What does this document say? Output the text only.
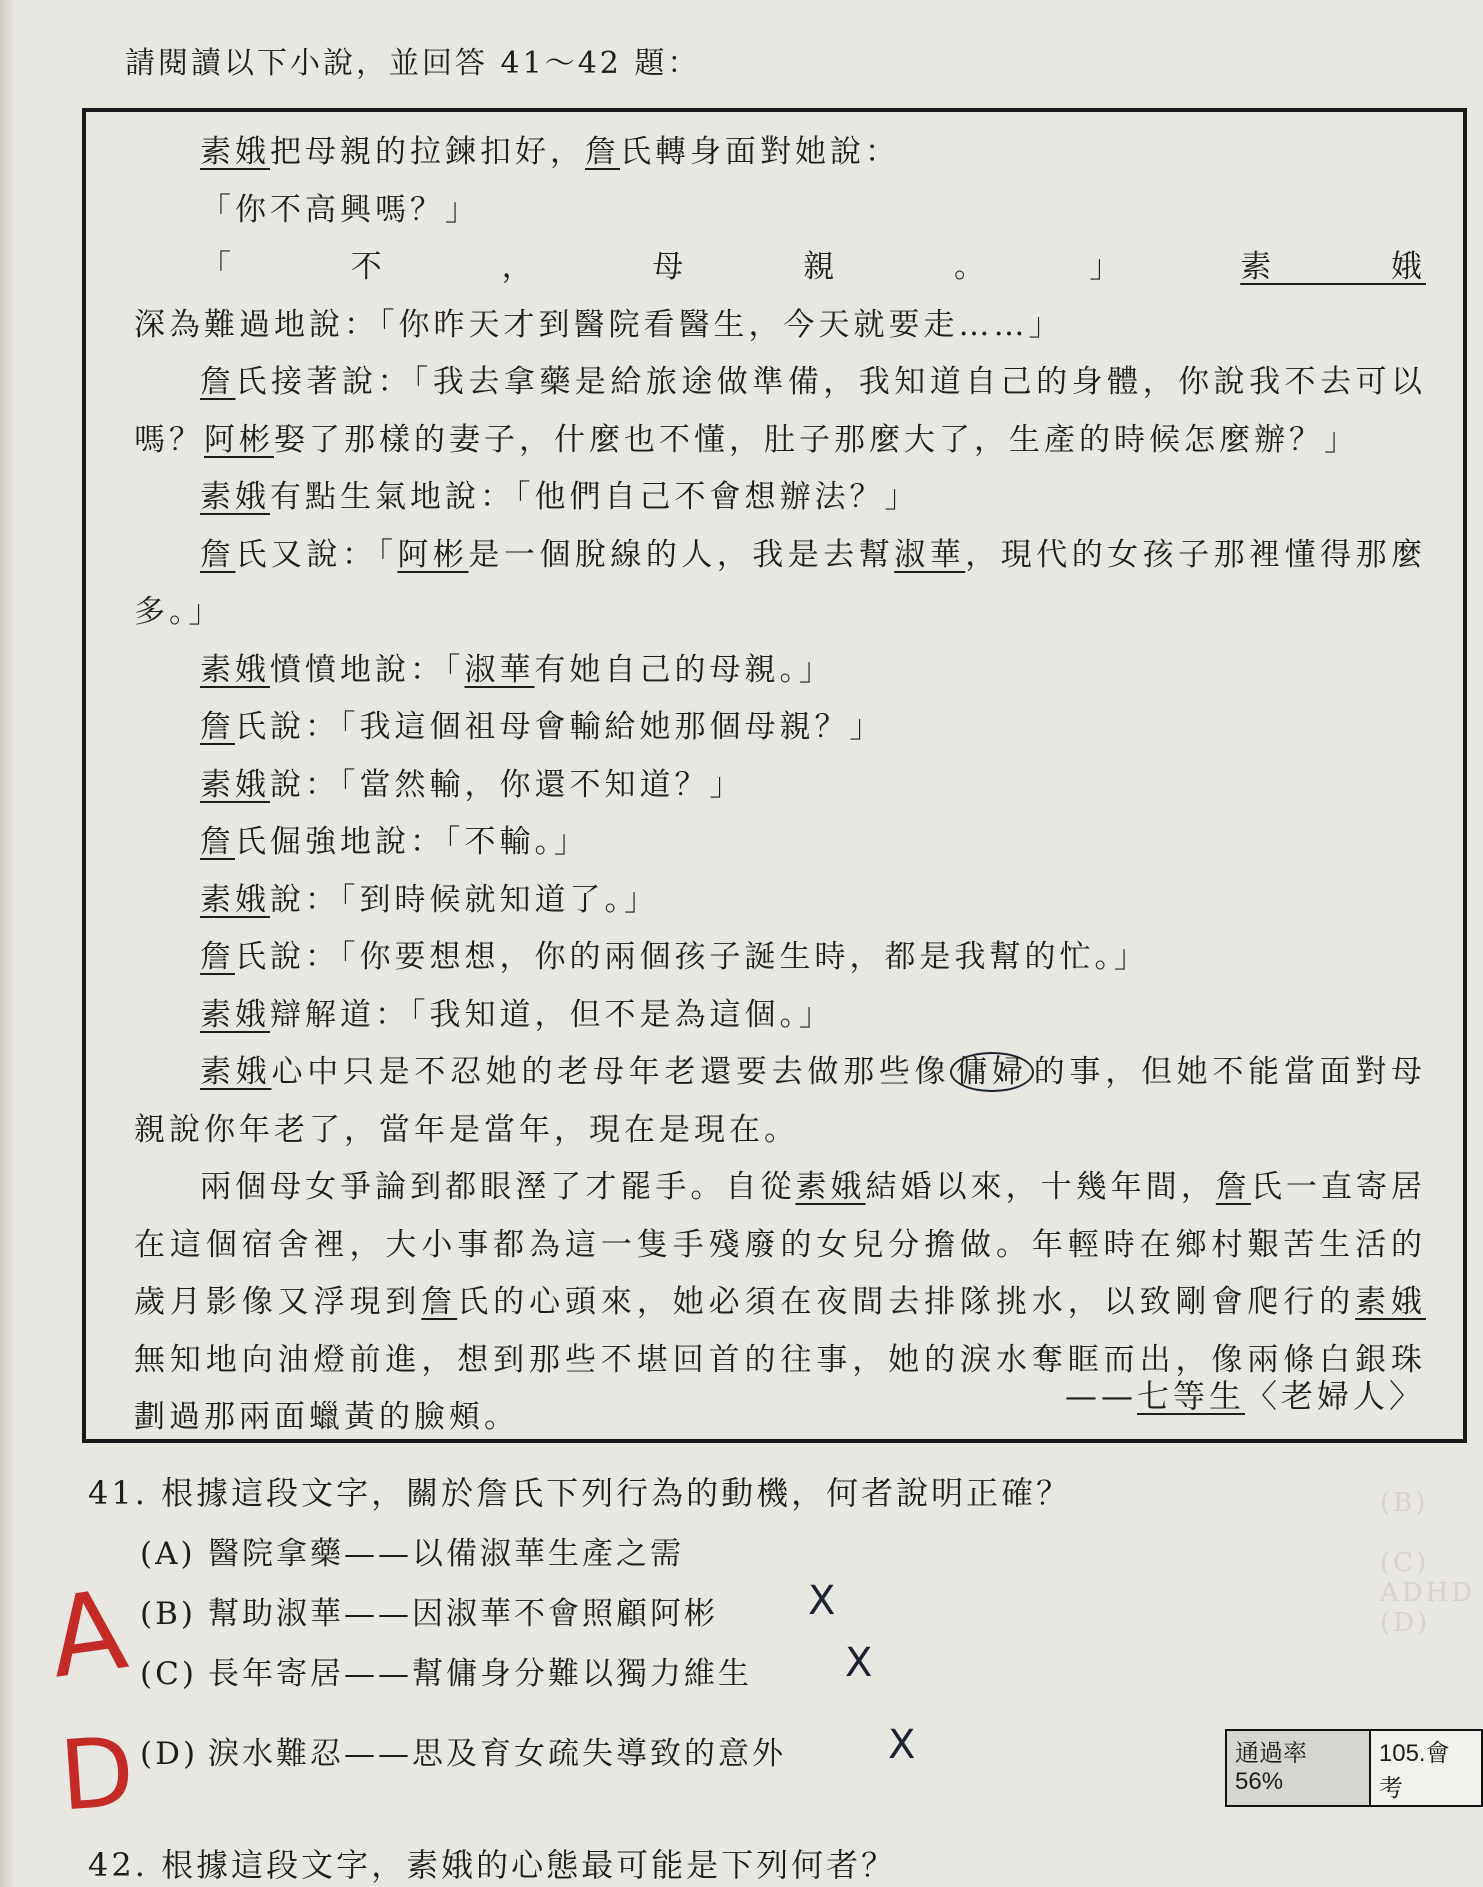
(B)
(C) ADHD
(D)
請閱讀以下小說，並回答 41～42 題：

素娥把母親的拉鍊扣好，詹氏轉身面對她說：

「你不高興嗎？」

「不，母親。」素娥深為難過地說：「你昨天才到醫院看醫生，今天就要走……」

詹氏接著說：「我去拿藥是給旅途做準備，我知道自己的身體，你說我不去可以嗎？阿彬娶了那樣的妻子，什麼也不懂，肚子那麼大了，生產的時候怎麼辦？」

素娥有點生氣地說：「他們自己不會想辦法？」

詹氏又說：「阿彬是一個脫線的人，我是去幫淑華，現代的女孩子那裡懂得那麼多。」

素娥憤憤地說：「淑華有她自己的母親。」

詹氏說：「我這個祖母會輸給她那個母親？」

素娥說：「當然輸，你還不知道？」

詹氏倔強地說：「不輸。」

素娥說：「到時候就知道了。」

詹氏說：「你要想想，你的兩個孩子誕生時，都是我幫的忙。」

素娥辯解道：「我知道，但不是為這個。」

素娥心中只是不忍她的老母年老還要去做那些像 傭婦 的事，但她不能當面對母親說你年老了，當年是當年，現在是現在。

兩個母女爭論到都眼溼了才罷手。自從素娥結婚以來，十幾年間，詹氏一直寄居在這個宿舍裡，大小事都為這一隻手殘廢的女兒分擔做。年輕時在鄉村艱苦生活的歲月影像又浮現到詹氏的心頭來，她必須在夜間去排隊挑水，以致剛會爬行的素娥無知地向油燈前進，想到那些不堪回首的往事，她的淚水奪眶而出，像兩條白銀珠劃過那兩面蠟黃的臉頰。

——七等生〈老婦人〉
41. 根據這段文字，關於詹氏下列行為的動機，何者說明正確？
(A) 醫院拿藥——以備淑華生產之需
(B) 幫助淑華——因淑華不會照顧阿彬
(C) 長年寄居——幫傭身分難以獨力維生
(D) 淚水難忍——思及育女疏失導致的意外
X
X
X
A
D	通過率 56%
105.會考
42. 根據這段文字，素娥的心態最可能是下列何者？
